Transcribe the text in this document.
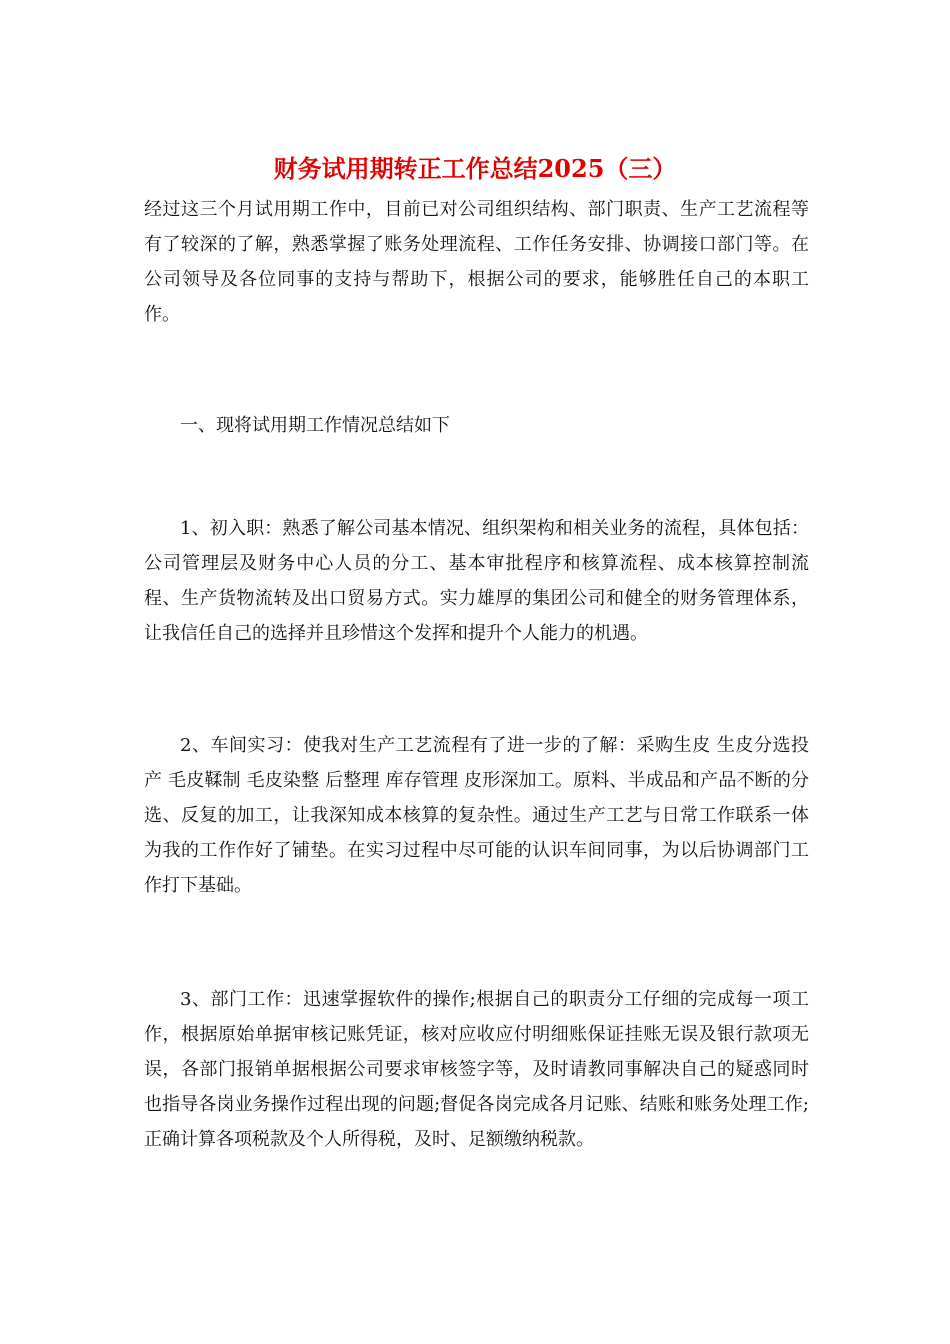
财务试用期转正工作总结2025（三）

经过这三个月试用期工作中，目前已对公司组织结构、部门职责、生产工艺流程等有了较深的了解，熟悉掌握了账务处理流程、工作任务安排、协调接口部门等。在公司领导及各位同事的支持与帮助下，根据公司的要求，能够胜任自己的本职工作。

一、现将试用期工作情况总结如下

1、初入职：熟悉了解公司基本情况、组织架构和相关业务的流程，具体包括：公司管理层及财务中心人员的分工、基本审批程序和核算流程、成本核算控制流程、生产货物流转及出口贸易方式。实力雄厚的集团公司和健全的财务管理体系，让我信任自己的选择并且珍惜这个发挥和提升个人能力的机遇。

2、车间实习：使我对生产工艺流程有了进一步的了解：采购生皮 生皮分选投产 毛皮鞣制 毛皮染整 后整理 库存管理 皮形深加工。原料、半成品和产品不断的分选、反复的加工，让我深知成本核算的复杂性。通过生产工艺与日常工作联系一体为我的工作作好了铺垫。在实习过程中尽可能的认识车间同事，为以后协调部门工作打下基础。

3、部门工作：迅速掌握软件的操作;根据自己的职责分工仔细的完成每一项工作，根据原始单据审核记账凭证，核对应收应付明细账保证挂账无误及银行款项无误，各部门报销单据根据公司要求审核签字等，及时请教同事解决自己的疑惑同时也指导各岗业务操作过程出现的问题;督促各岗完成各月记账、结账和账务处理工作;正确计算各项税款及个人所得税，及时、足额缴纳税款。
